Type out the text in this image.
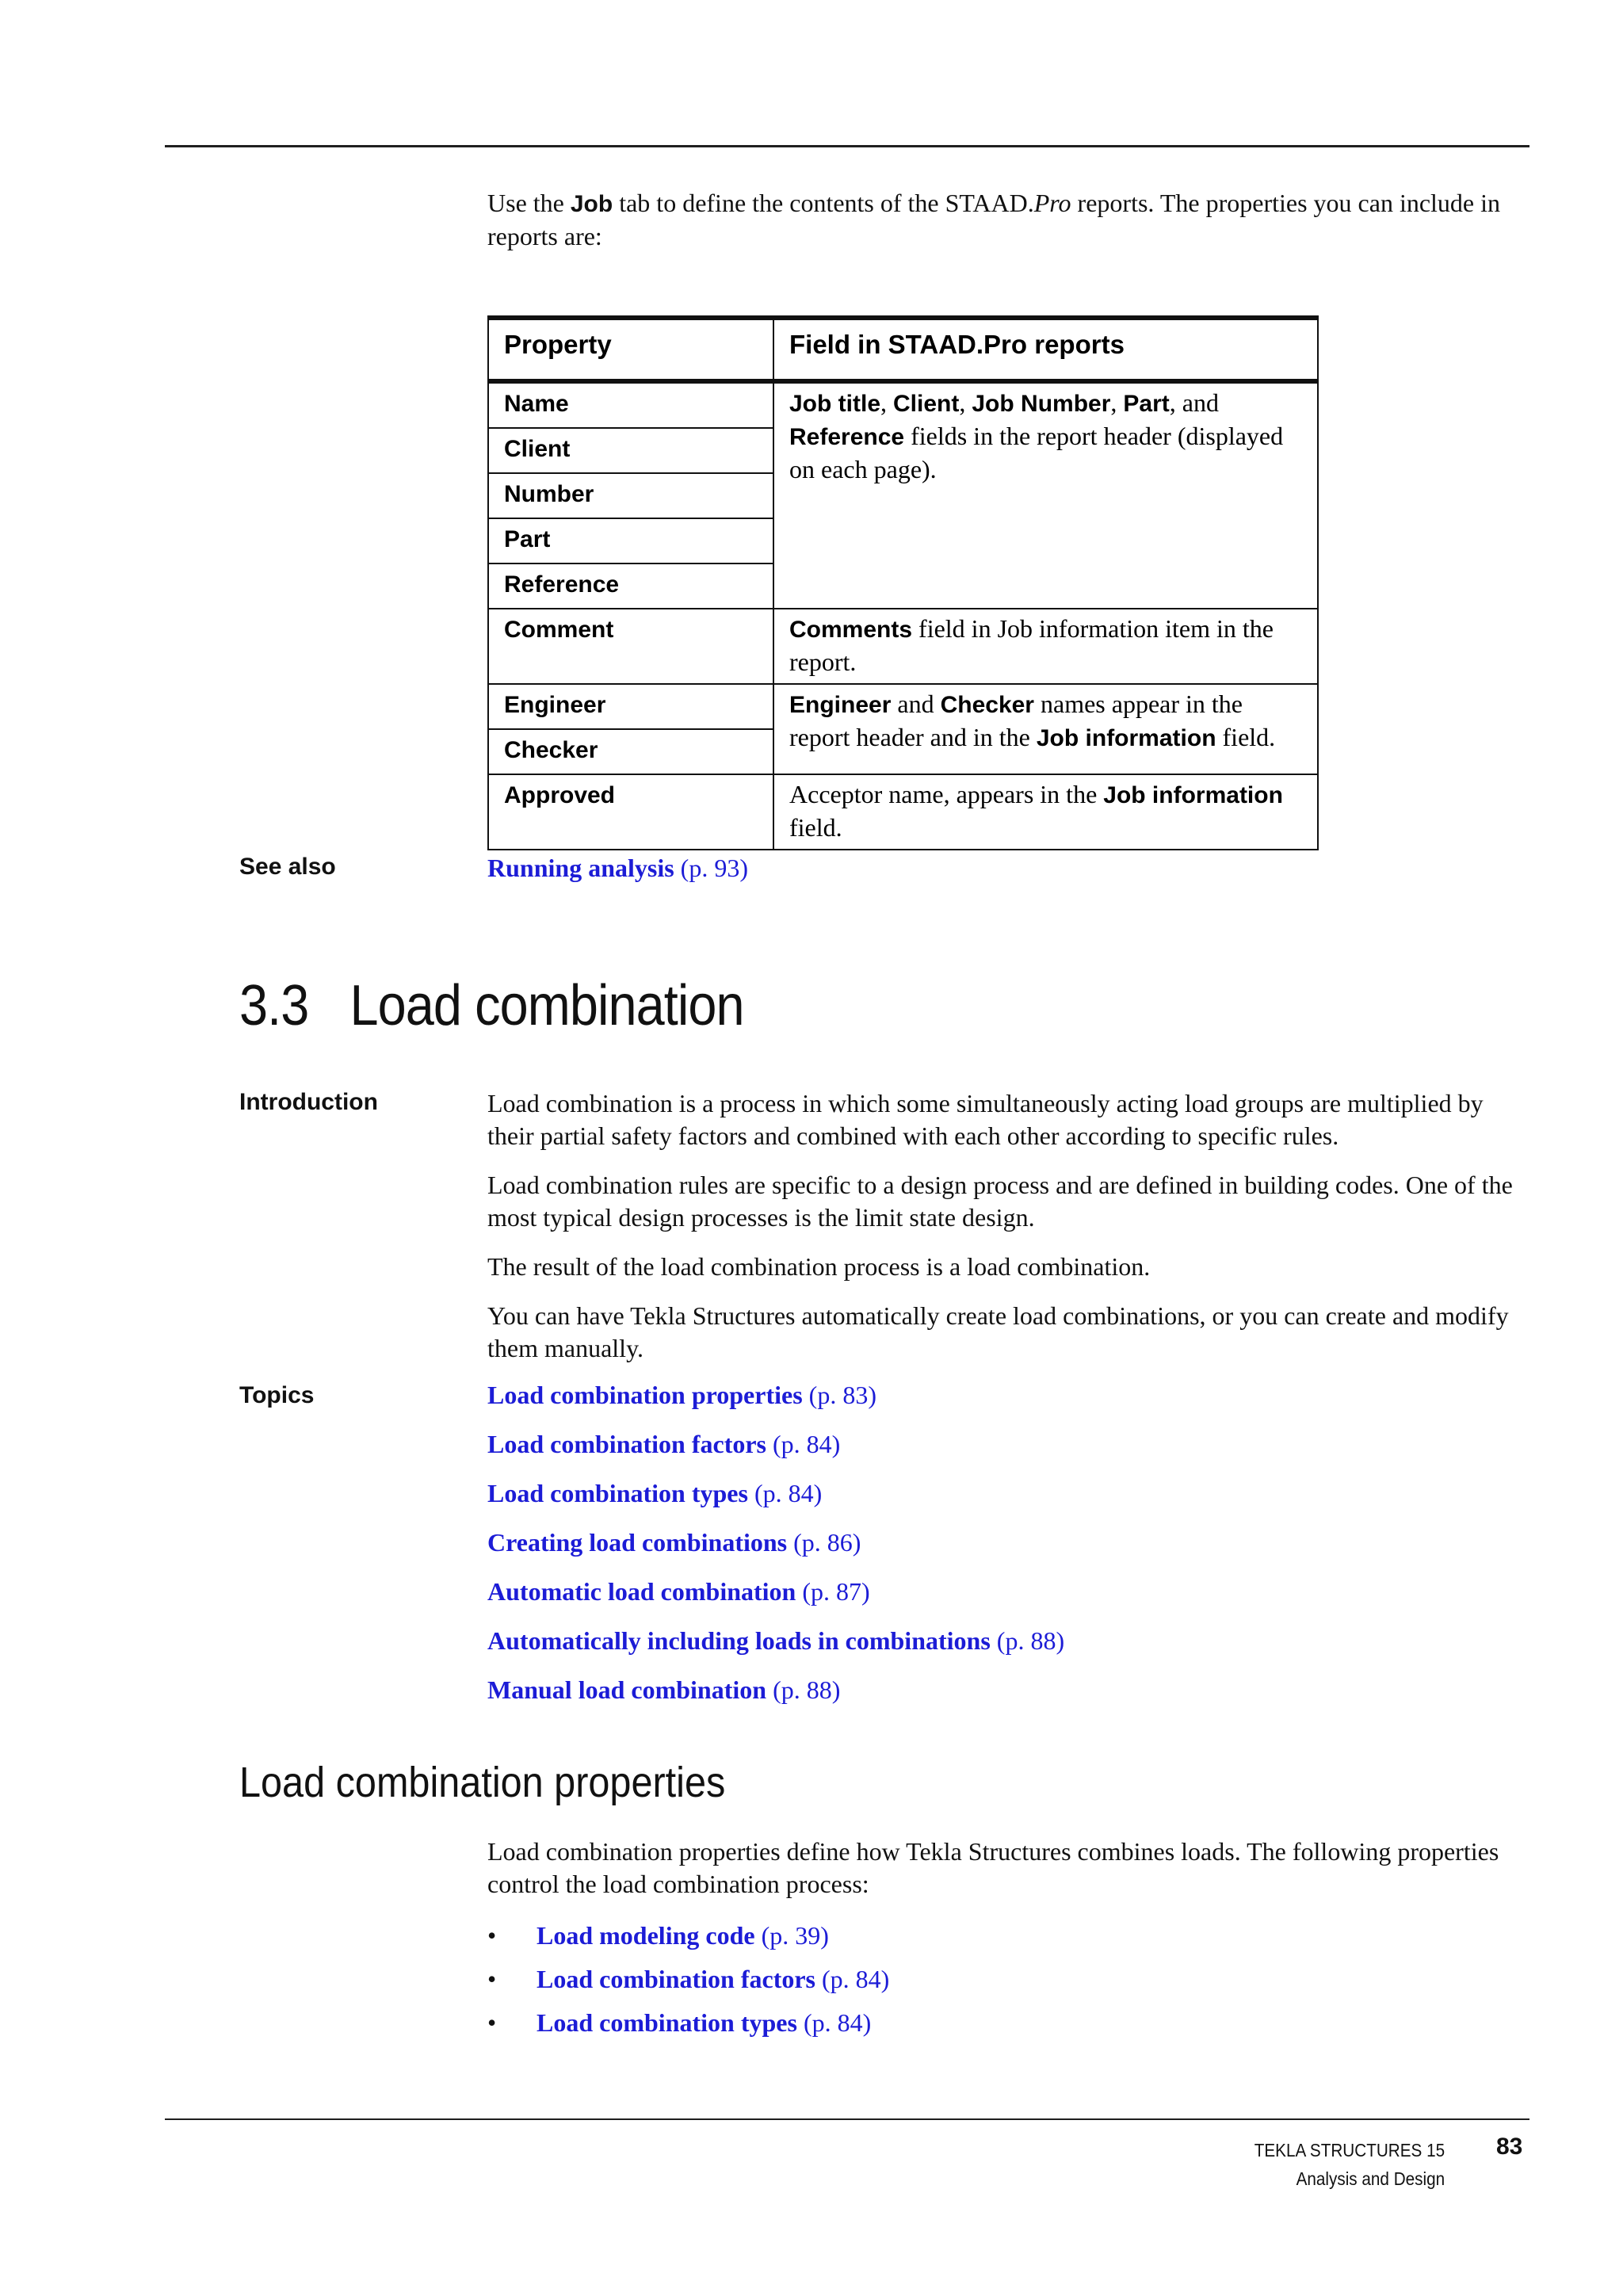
Use the Job tab to define the contents of the STAAD.Pro reports. The properties you can include in reports are:

Property	Field in STAAD.Pro reports
Name	Job title, Client, Job Number, Part, and Reference fields in the report header (displayed on each page).
Client	
Number	
Part	
Reference	
Comment	Comments field in Job information item in the report.
Engineer	Engineer and Checker names appear in the report header and in the Job information field.
Checker	
Approved	Acceptor name, appears in the Job information field.
See also	Running analysis (p. 93)

3.3 Load combination
Introduction	Load combination is a process in which some simultaneously acting load groups are multiplied by their partial safety factors and combined with each other according to specific rules.

Load combination rules are specific to a design process and are defined in building codes. One of the most typical design processes is the limit state design.

The result of the load combination process is a load combination.

You can have Tekla Structures automatically create load combinations, or you can create and modify them manually.

Topics	Load combination properties (p. 83)

Load combination factors (p. 84)

Load combination types (p. 84)

Creating load combinations (p. 86)

Automatic load combination (p. 87)

Automatically including loads in combinations (p. 88)

Manual load combination (p. 88)

Load combination properties

Load combination properties define how Tekla Structures combines loads. The following properties control the load combination process:

• Load modeling code (p. 39)

• Load combination factors (p. 84)

• Load combination types (p. 84)

TEKLA STRUCTURES 15
Analysis and Design
83
